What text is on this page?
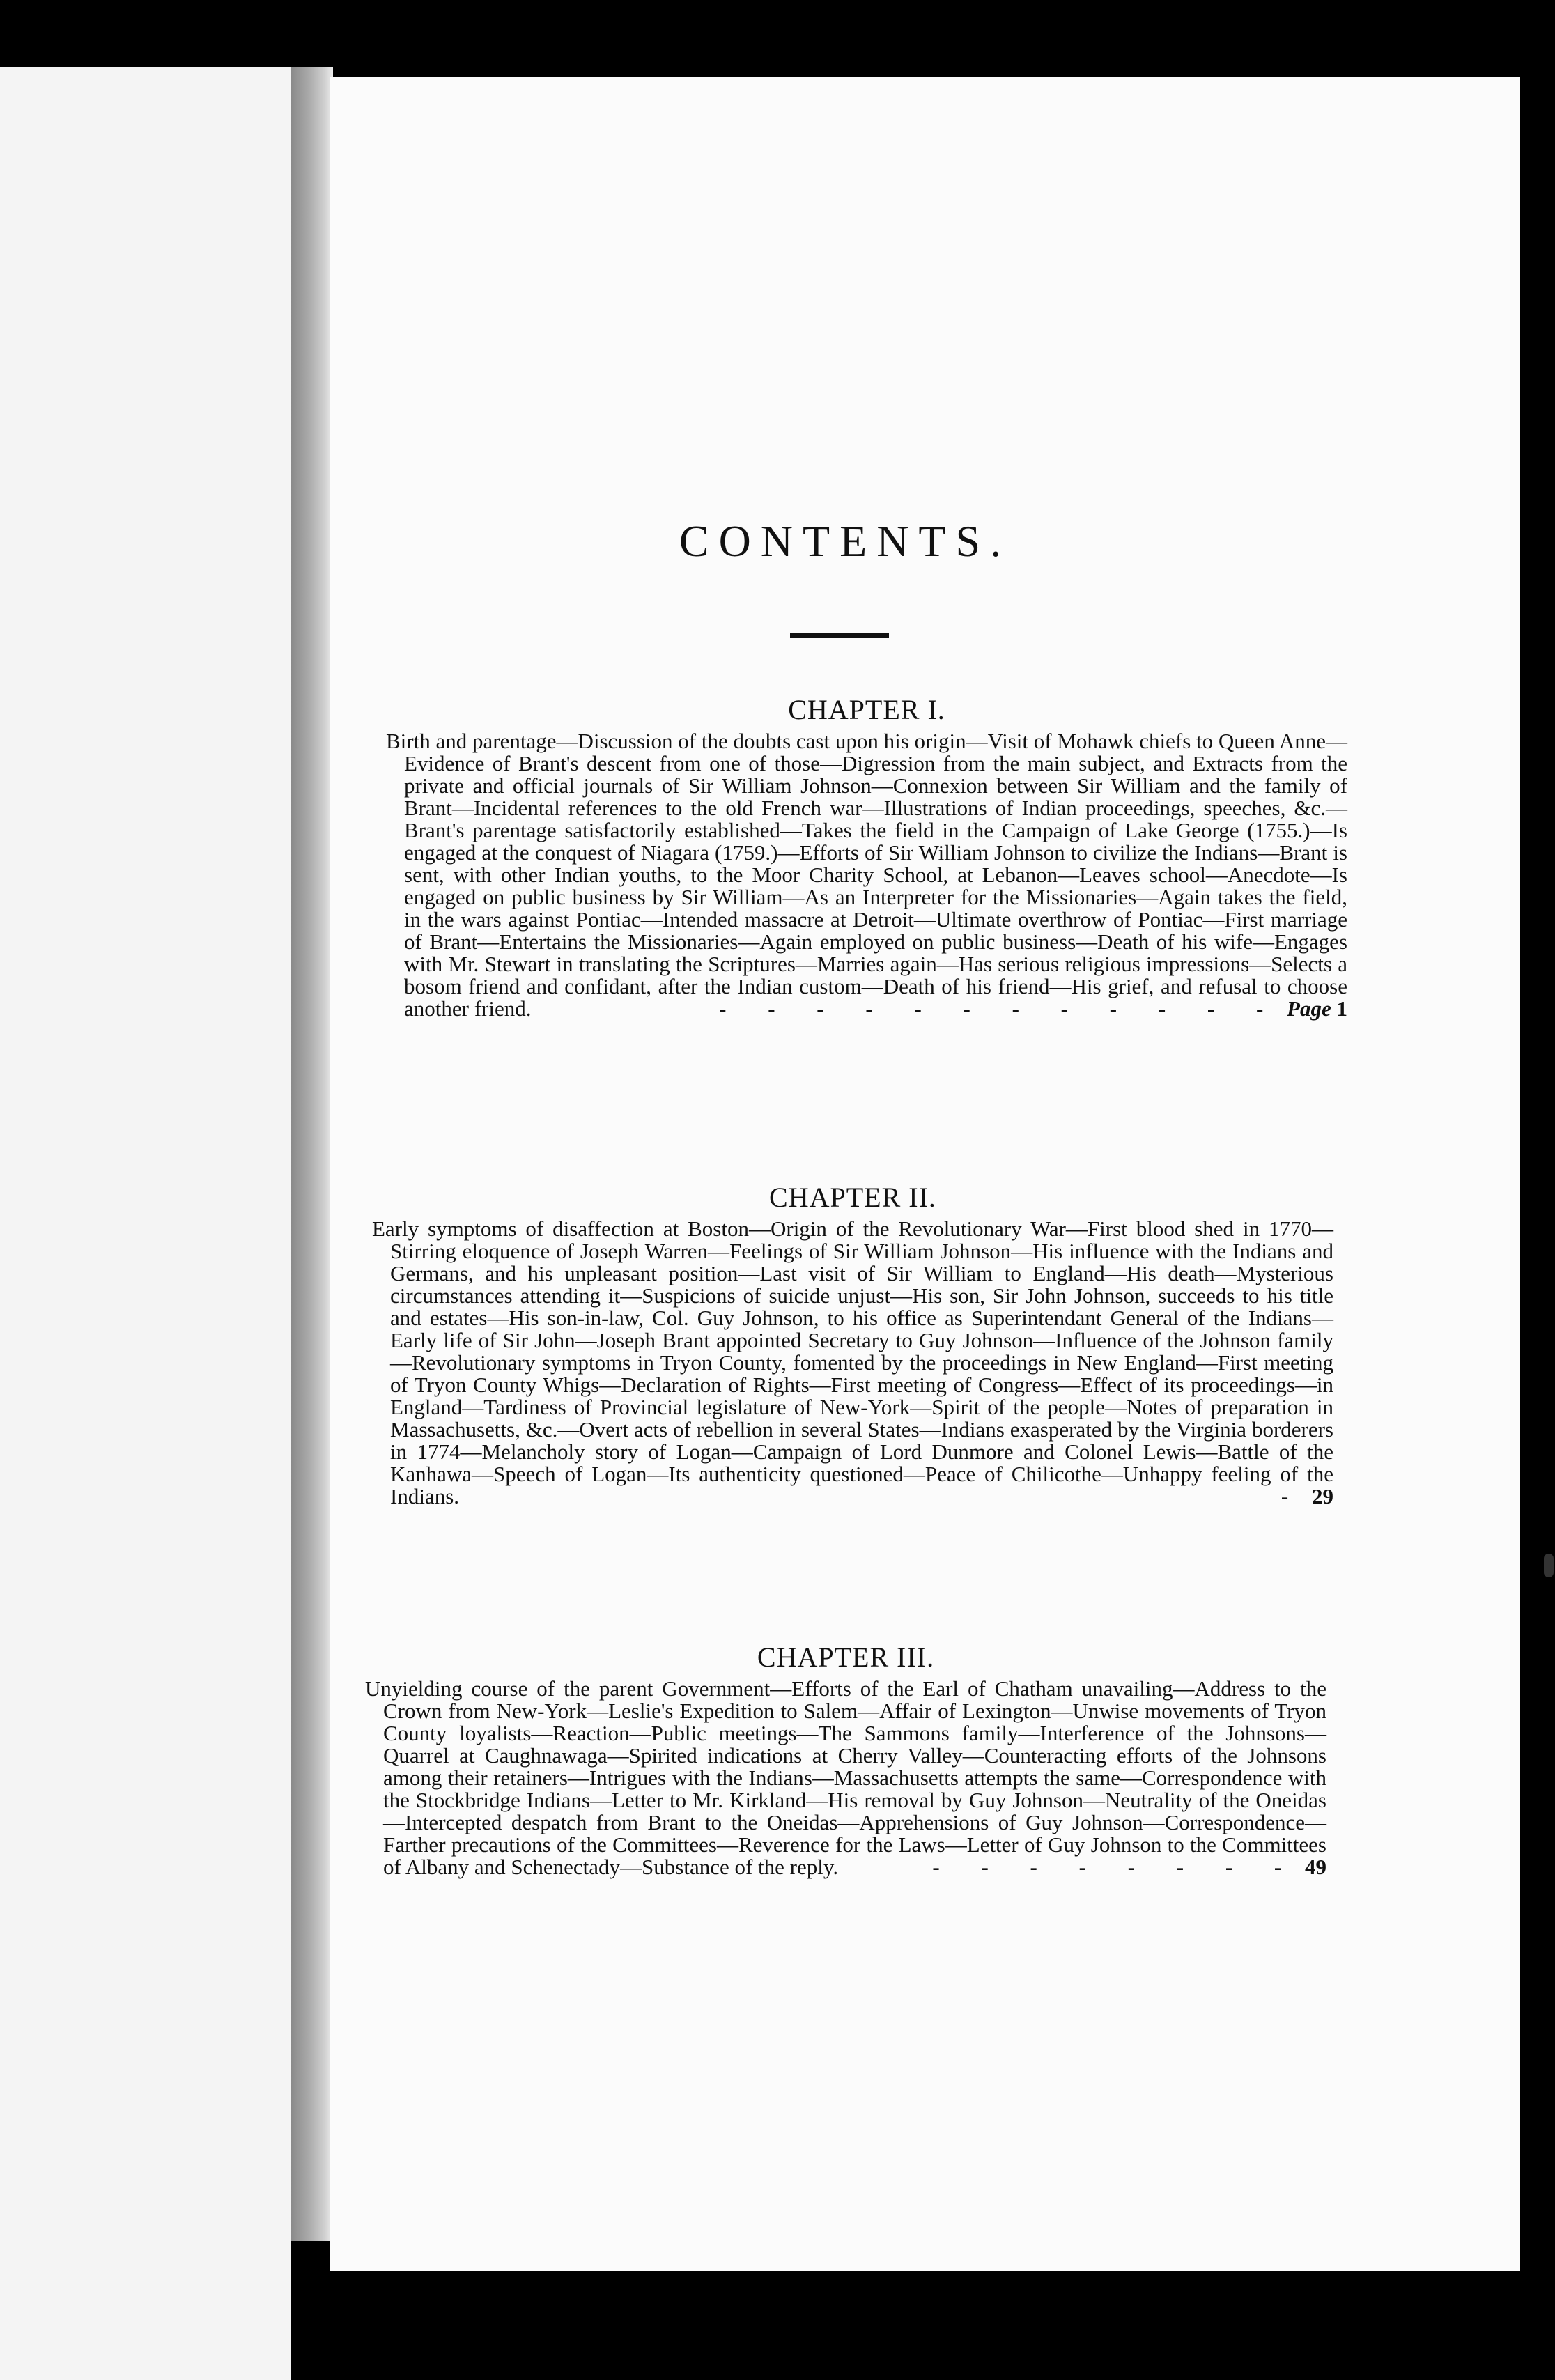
CONTENTS.
CHAPTER I.
Birth and parentage—Discussion of the doubts cast upon his origin—Visit of Mohawk chiefs to Queen Anne—Evidence of Brant's descent from one of those—Digression from the main subject, and Extracts from the private and official journals of Sir William Johnson—Connexion between Sir William and the family of Brant—Incidental references to the old French war—Illustrations of Indian proceedings, speeches, &c.—Brant's parentage satisfactorily established—Takes the field in the Campaign of Lake George (1755.)—Is engaged at the conquest of Niagara (1759.)—Efforts of Sir William Johnson to civilize the Indians—Brant is sent, with other Indian youths, to the Moor Charity School, at Lebanon—Leaves school—Anecdote—Is engaged on public business by Sir William—As an Interpreter for the Missionaries—Again takes the field, in the wars against Pontiac—Intended massacre at Detroit—Ultimate overthrow of Pontiac—First marriage of Brant—Entertains the Missionaries—Again employed on public business—Death of his wife—Engages with Mr. Stewart in translating the Scriptures—Marries again—Has serious religious impressions—Selects a bosom friend and confidant, after the Indian custom—Death of his friend—His grief, and refusal to choose another friend.	- - - - - - - - - - - - Page 1
CHAPTER II.
Early symptoms of disaffection at Boston—Origin of the Revolutionary War—First blood shed in 1770—Stirring eloquence of Joseph Warren—Feelings of Sir William Johnson—His influence with the Indians and Germans, and his unpleasant position—Last visit of Sir William to England—His death—Mysterious circumstances attending it—Suspicions of suicide unjust—His son, Sir John Johnson, succeeds to his title and estates—His son-in-law, Col. Guy Johnson, to his office as Superintendant General of the Indians—Early life of Sir John—Joseph Brant appointed Secretary to Guy Johnson—Influence of the Johnson family—Revolutionary symptoms in Tryon County, fomented by the proceedings in New England—First meeting of Tryon County Whigs—Declaration of Rights—First meeting of Congress—Effect of its proceedings—in England—Tardiness of Provincial legislature of New-York—Spirit of the people—Notes of preparation in Massachusetts, &c.—Overt acts of rebellion in several States—Indians exasperated by the Virginia borderers in 1774—Melancholy story of Logan—Campaign of Lord Dunmore and Colonel Lewis—Battle of the Kanhawa—Speech of Logan—Its authenticity questioned—Peace of Chilicothe—Unhappy feeling of the Indians.	- 29
CHAPTER III.
Unyielding course of the parent Government—Efforts of the Earl of Chatham unavailing—Address to the Crown from New-York—Leslie's Expedition to Salem—Affair of Lexington—Unwise movements of Tryon County loyalists—Reaction—Public meetings—The Sammons family—Interference of the Johnsons—Quarrel at Caughnawaga—Spirited indications at Cherry Valley—Counteracting efforts of the Johnsons among their retainers—Intrigues with the Indians—Massachusetts attempts the same—Correspondence with the Stockbridge Indians—Letter to Mr. Kirkland—His removal by Guy Johnson—Neutrality of the Oneidas—Intercepted despatch from Brant to the Oneidas—Apprehensions of Guy Johnson—Correspondence—Farther precautions of the Committees—Reverence for the Laws—Letter of Guy Johnson to the Committees of Albany and Schenectady—Substance of the reply.	- - - - - - - - 49
